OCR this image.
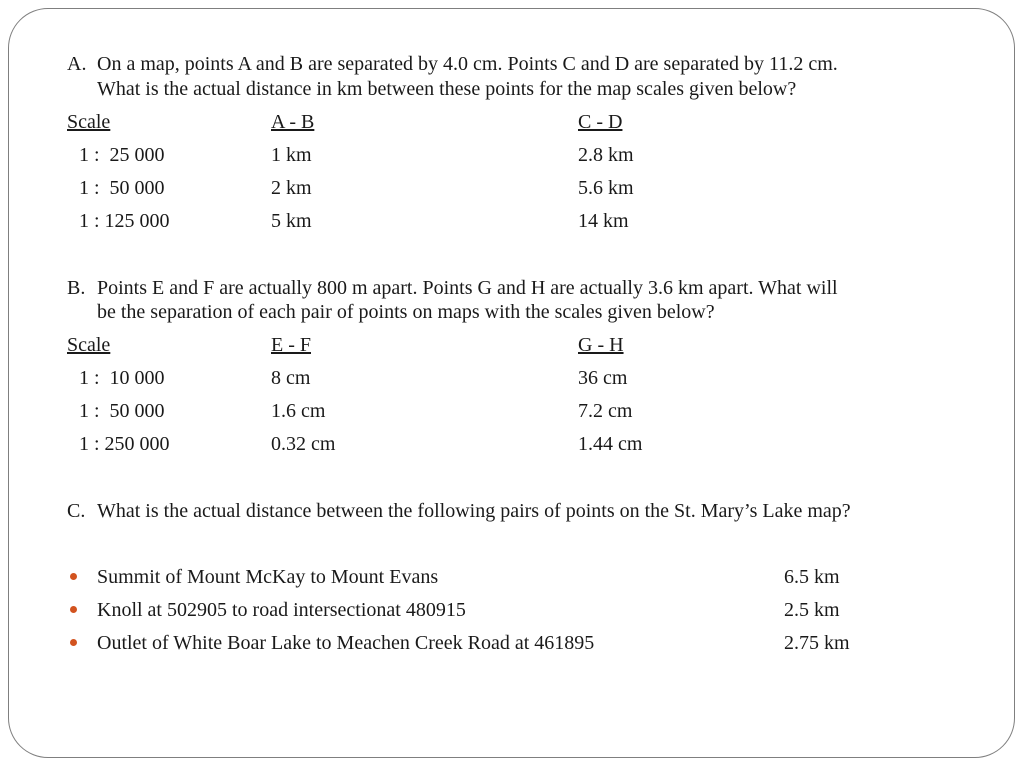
A. On a map, points A and B are separated by 4.0 cm. Points C and D are separated by 11.2 cm.
What is the actual distance in km between these points for the map scales given below?
Scale	A - B	C - D
1 :  25 000	1 km	2.8 km
1 :  50 000	2 km	5.6 km
1 : 125 000	5 km	14 km
B. Points E and F are actually 800 m apart. Points G and H are actually 3.6 km apart. What will
be the separation of each pair of points on maps with the scales given below?
Scale	E - F	G - H
1 :  10 000	8 cm	36 cm
1 :  50 000	1.6 cm	7.2 cm
1 : 250 000	0.32 cm	1.44 cm
C. What is the actual distance between the following pairs of points on the St. Mary’s Lake map?
Summit of Mount McKay to Mount Evans	6.5 km
Knoll at 502905 to road intersectionat 480915	2.5 km
Outlet of White Boar Lake to Meachen Creek Road at 461895	2.75 km
